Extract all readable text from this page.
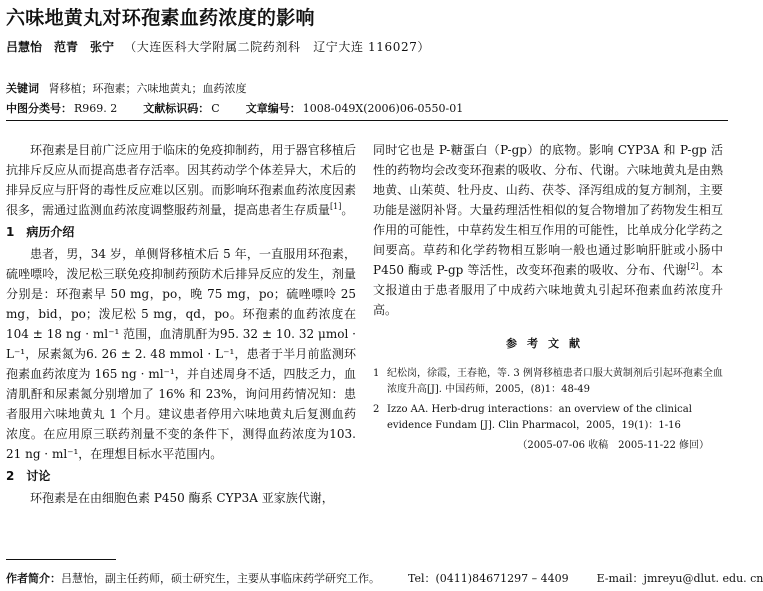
六味地黄丸对环孢素血药浓度的影响
吕慧怡　范青　张宁 （大连医科大学附属二院药剂科　辽宁大连 116027）
关键词 肾移植；环孢素；六味地黄丸；血药浓度
中图分类号： R969. 2 文献标识码： C 文章编号： 1008-049X(2006)06-0550-01

环孢素是目前广泛应用于临床的免疫抑制药，用于器官移植后抗排斥反应从而提高患者存活率。因其药动学个体差异大，术后的排异反应与肝肾的毒性反应难以区别。而影响环孢素血药浓度因素很多，需通过监测血药浓度调整服药剂量，提高患者生存质量[1]。

1　病历介绍

患者，男，34 岁，单侧肾移植术后 5 年，一直服用环孢素，硫唑嘌呤，泼尼松三联免疫抑制药预防术后排异反应的发生，剂量分别是：环孢素早 50 mg，po，晚 75 mg，po；硫唑嘌呤 25 mg，bid，po；泼尼松 5 mg，qd，po。环孢素的血药浓度在 104 ± 18 ng · ml⁻¹ 范围，血清肌酐为95. 32 ± 10. 32 μmol · L⁻¹，尿素氮为6. 26 ± 2. 48 mmol · L⁻¹，患者于半月前监测环孢素血药浓度为 165 ng · ml⁻¹，并自述周身不适，四肢乏力，血清肌酐和尿素氮分别增加了 16% 和 23%，询问用药情况知：患者服用六味地黄丸 1 个月。建议患者停用六味地黄丸后复测血药浓度。在应用原三联药剂量不变的条件下，测得血药浓度为103. 21 ng · ml⁻¹，在理想目标水平范围内。

2　讨论

环孢素是在由细胞色素 P450 酶系 CYP3A 亚家族代谢，

同时它也是 P-糖蛋白（P-gp）的底物。影响 CYP3A 和 P-gp 活性的药物均会改变环孢素的吸收、分布、代谢。六味地黄丸是由熟地黄、山茱萸、牡丹皮、山药、茯苓、泽泻组成的复方制剂，主要功能是滋阴补肾。大量药理活性相似的复合物增加了药物发生相互作用的可能性，中草药发生相互作用的可能性，比单成分化学药之间要高。草药和化学药物相互影响一般也通过影响肝脏或小肠中 P450 酶或 P-gp 等活性，改变环孢素的吸收、分布、代谢[2]。本文报道由于患者服用了中成药六味地黄丸引起环孢素血药浓度升高。

参考文献
1 纪松岗，徐霞，王春艳，等. 3 例肾移植患者口服大黄制剂后引起环孢素全血浓度升高[J]. 中国药师，2005，(8)1：48-49
2 Izzo AA. Herb-drug interactions：an overview of the clinical evidence Fundam [J]. Clin Pharmacol，2005，19(1)：1-16
（2005-07-06 收稿　2005-11-22 修回）
作者简介：吕慧怡，副主任药师，硕士研究生，主要从事临床药学研究工作。	Tel：(0411)84671297 – 4409	E-mail：jmreyu@dlut. edu. cn
